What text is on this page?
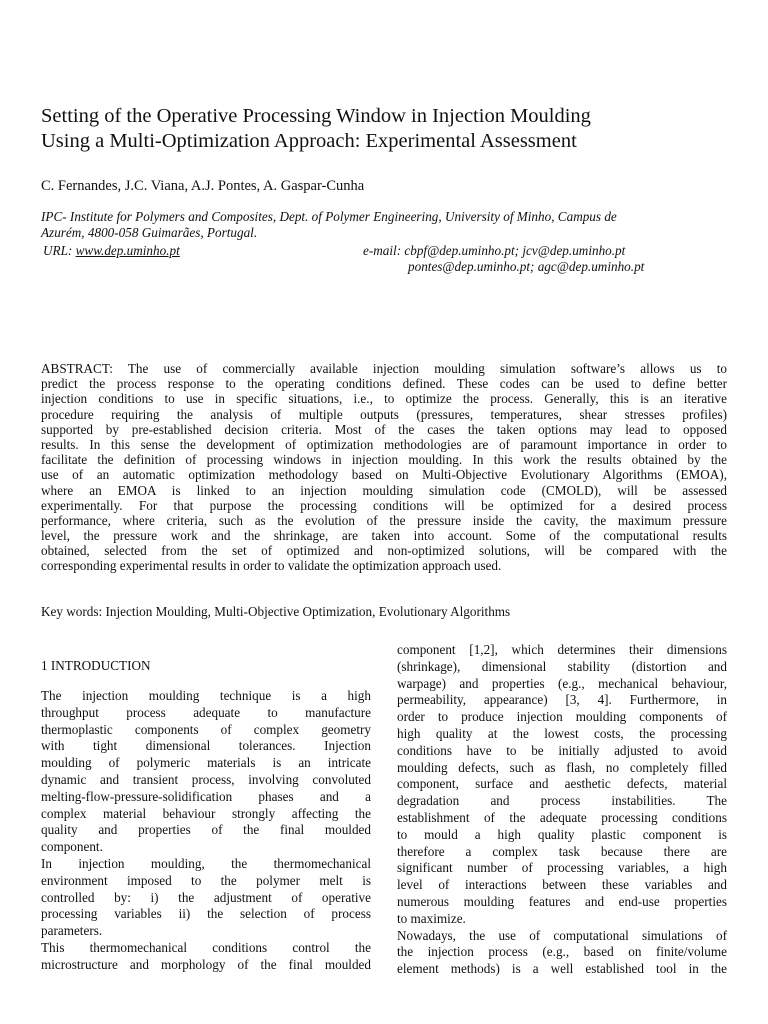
Setting of the Operative Processing Window in Injection Moulding
Using a Multi-Optimization Approach: Experimental Assessment
C. Fernandes, J.C. Viana, A.J. Pontes, A. Gaspar-Cunha
IPC- Institute for Polymers and Composites, Dept. of Polymer Engineering, University of Minho, Campus de
Azurém, 4800-058 Guimarães, Portugal.
URL: www.dep.uminho.pt	e-mail: cbpf@dep.uminho.pt; jcv@dep.uminho.pt
pontes@dep.uminho.pt; agc@dep.uminho.pt
ABSTRACT: The use of commercially available injection moulding simulation software’s allows us to
predict the process response to the operating conditions defined. These codes can be used to define better
injection conditions to use in specific situations, i.e., to optimize the process. Generally, this is an iterative
procedure requiring the analysis of multiple outputs (pressures, temperatures, shear stresses profiles)
supported by pre-established decision criteria. Most of the cases the taken options may lead to opposed
results. In this sense the development of optimization methodologies are of paramount importance in order to
facilitate the definition of processing windows in injection moulding. In this work the results obtained by the
use of an automatic optimization methodology based on Multi-Objective Evolutionary Algorithms (EMOA),
where an EMOA is linked to an injection moulding simulation code (CMOLD), will be assessed
experimentally. For that purpose the processing conditions will be optimized for a desired process
performance, where criteria, such as the evolution of the pressure inside the cavity, the maximum pressure
level, the pressure work and the shrinkage, are taken into account. Some of the computational results
obtained, selected from the set of optimized and non-optimized solutions, will be compared with the
corresponding experimental results in order to validate the optimization approach used.
Key words: Injection Moulding, Multi-Objective Optimization, Evolutionary Algorithms
1 INTRODUCTION
The injection moulding technique is a high
throughput process adequate to manufacture
thermoplastic components of complex geometry
with tight dimensional tolerances. Injection
moulding of polymeric materials is an intricate
dynamic and transient process, involving convoluted
melting-flow-pressure-solidification phases and a
complex material behaviour strongly affecting the
quality and properties of the final moulded
component.
In injection moulding, the thermomechanical
environment imposed to the polymer melt is
controlled by: i) the adjustment of operative
processing variables ii) the selection of process
parameters.
This thermomechanical conditions control the
microstructure and morphology of the final moulded
component [1,2], which determines their dimensions
(shrinkage), dimensional stability (distortion and
warpage) and properties (e.g., mechanical behaviour,
permeability, appearance) [3, 4]. Furthermore, in
order to produce injection moulding components of
high quality at the lowest costs, the processing
conditions have to be initially adjusted to avoid
moulding defects, such as flash, no completely filled
component, surface and aesthetic defects, material
degradation and process instabilities. The
establishment of the adequate processing conditions
to mould a high quality plastic component is
therefore a complex task because there are
significant number of processing variables, a high
level of interactions between these variables and
numerous moulding features and end-use properties
to maximize.
Nowadays, the use of computational simulations of
the injection process (e.g., based on finite/volume
element methods) is a well established tool in the
